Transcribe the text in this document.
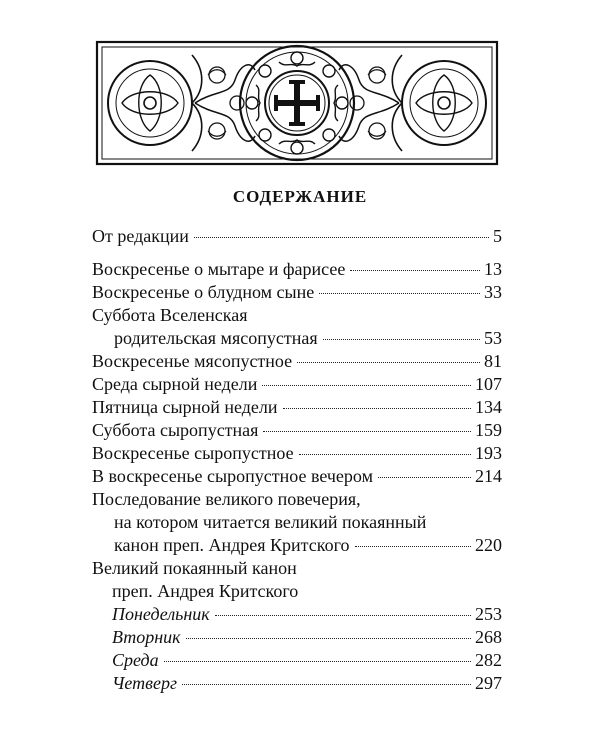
СОДЕРЖАНИЕ
От редакции	5
Воскресенье о мытаре и фарисее	13
Воскресенье о блудном сыне	33
Суббота Вселенская
родительская мясопустная	53
Воскресенье мясопустное	81
Среда сырной недели	107
Пятница сырной недели	134
Суббота сыропустная	159
Воскресенье сыропустное	193
В воскресенье сыропустное вечером	214
Последование великого повечерия,
на котором читается великий покаянный
канон преп. Андрея Критского	220
Великий покаянный канон
преп. Андрея Критского
Понедельник	253
Вторник	268
Среда	282
Четверг	297
